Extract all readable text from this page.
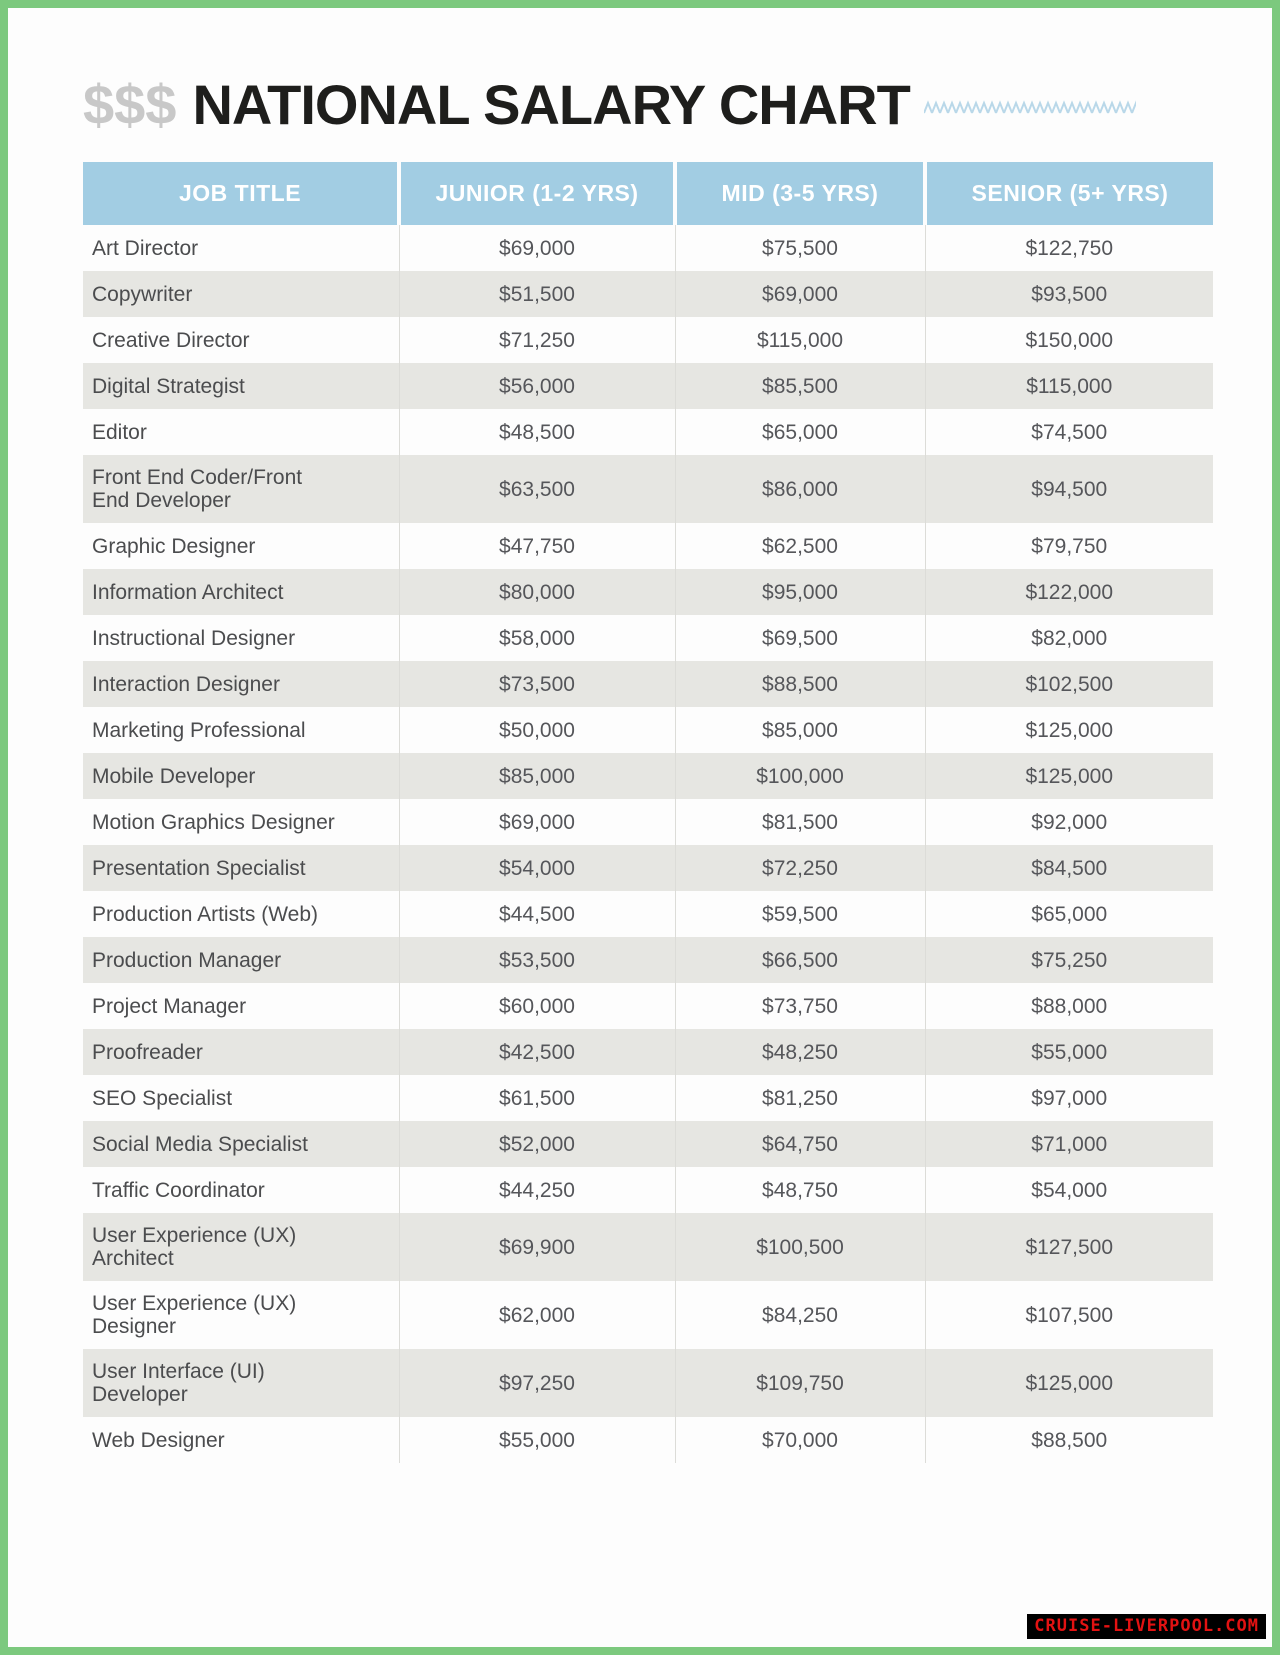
$$$ NATIONAL SALARY CHART
JOB TITLE	JUNIOR (1-2 YRS)	MID (3-5 YRS)	SENIOR (5+ YRS)
Art Director	$69,000	$75,500	$122,750
Copywriter	$51,500	$69,000	$93,500
Creative Director	$71,250	$115,000	$150,000
Digital Strategist	$56,000	$85,500	$115,000
Editor	$48,500	$65,000	$74,500
Front End Coder/Front End Developer	$63,500	$86,000	$94,500
Graphic Designer	$47,750	$62,500	$79,750
Information Architect	$80,000	$95,000	$122,000
Instructional Designer	$58,000	$69,500	$82,000
Interaction Designer	$73,500	$88,500	$102,500
Marketing Professional	$50,000	$85,000	$125,000
Mobile Developer	$85,000	$100,000	$125,000
Motion Graphics Designer	$69,000	$81,500	$92,000
Presentation Specialist	$54,000	$72,250	$84,500
Production Artists (Web)	$44,500	$59,500	$65,000
Production Manager	$53,500	$66,500	$75,250
Project Manager	$60,000	$73,750	$88,000
Proofreader	$42,500	$48,250	$55,000
SEO Specialist	$61,500	$81,250	$97,000
Social Media Specialist	$52,000	$64,750	$71,000
Traffic Coordinator	$44,250	$48,750	$54,000
User Experience (UX) Architect	$69,900	$100,500	$127,500
User Experience (UX) Designer	$62,000	$84,250	$107,500
User Interface (UI) Developer	$97,250	$109,750	$125,000
Web Designer	$55,000	$70,000	$88,500
CRUISE-LIVERPOOL.COM
